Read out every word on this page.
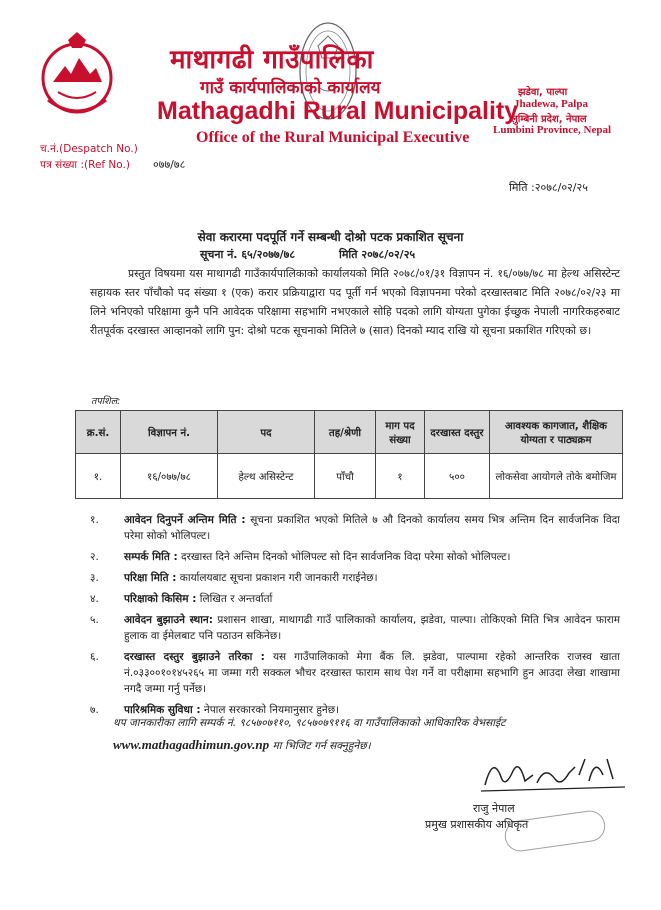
माथागढी गाउँपालिका
गाउँ कार्यपालिकाको कार्यालय
Mathagadhi Rural Municipality
Office of the Rural Municipal Executive
झडेवा, पाल्पा
Jhadewa, Palpa
लुम्बिनी प्रदेश, नेपाल
Lumbini Province, Nepal
च.नं.(Despatch No.)
पत्र संख्या :(Ref No.) ०७७/७८
मिति :२०७८/०२/२५
सेवा करारमा पदपूर्ति गर्ने सम्बन्धी दोश्रो पटक प्रकाशित सूचना
सूचना नं. ६५/२०७७/७८	मिति २०७८/०२/२५
प्रस्तुत विषयमा यस माथागढी गाउँकार्यपालिकाको कार्यालयको मिति २०७८/०१/३१ विज्ञापन नं. १६/०७७/७८ मा हेल्थ असिस्टेन्ट सहायक स्तर पाँचौको पद संख्या १ (एक) करार प्रक्रियाद्वारा पद पूर्ती गर्न भएको विज्ञापनमा परेको दरखास्तबाट मिति २०७८/०२/२३ मा लिने भनिएको परिक्षामा कुनै पनि आवेदक परिक्षामा सहभागि नभएकाले सोहि पदको लागि योग्यता पुगेका ईच्छुक नेपाली नागरिकहरुबाट रीतपूर्वक दरखास्त आव्हानको लागि पुन: दोश्रो पटक सूचनाको मितिले ७ (सात) दिनको म्याद राखि यो सूचना प्रकाशित गरिएको छ।
तपशिल:
क्र.सं.	विज्ञापन नं.	पद	तह/श्रेणी	माग पद संख्या	दरखास्त दस्तुर	आवश्यक कागजात, शैक्षिक योग्यता र पाठ्यक्रम
१.	१६/०७७/७८	हेल्थ असिस्टेन्ट	पाँचौ	१	५००	लोकसेवा आयोगले तोके बमोजिम
१. आवेदन दिनुपर्ने अन्तिम मिति : सूचना प्रकाशित भएको मितिले ७ औ दिनको कार्यालय समय भित्र अन्तिम दिन सार्वजनिक विदा परेमा सोको भोलिपल्ट।
२. सम्पर्क मिति : दरखास्त दिने अन्तिम दिनको भोलिपल्ट सो दिन सार्वजनिक विदा परेमा सोको भोलिपल्ट।
३. परिक्षा मिति : कार्यालयबाट सूचना प्रकाशन गरी जानकारी गराईनेछ।
४. परिक्षाको किसिम : लिखित र अन्तर्वार्ता
५. आवेदन बुझाउने स्थान: प्रशासन शाखा, माथागढी गाउँ पालिकाको कार्यालय, झडेवा, पाल्पा। तोकिएको मिति भित्र आवेदन फाराम हुलाक वा ईमेलबाट पनि पठाउन सकिनेछ।
६. दरखास्त दस्तुर बुझाउने तरिका : यस गाउँपालिकाको मेगा बैंक लि. झडेवा, पाल्पामा रहेको आन्तरिक राजस्व खाता नं.०३३००१०१४५२६५ मा जम्मा गरी सक्कल भौचर दरखास्त फाराम साथ पेश गर्ने वा परीक्षामा सहभागि हुन आउदा लेखा शाखामा नगदै जम्मा गर्नु पर्नेछ।
७. पारिश्रमिक सुविधा : नेपाल सरकारको नियमानुसार हुनेछ।
थप जानकारीका लागि सम्पर्क नं. ९८५७०७११०, ९८५७०७९११६ वा गाउँपालिकाको आधिकारिक वेभसाईट
www.mathagadhimun.gov.np मा भिजिट गर्न सक्नुहुनेछ।
राजु नेपाल
प्रमुख प्रशासकीय अधिकृत
